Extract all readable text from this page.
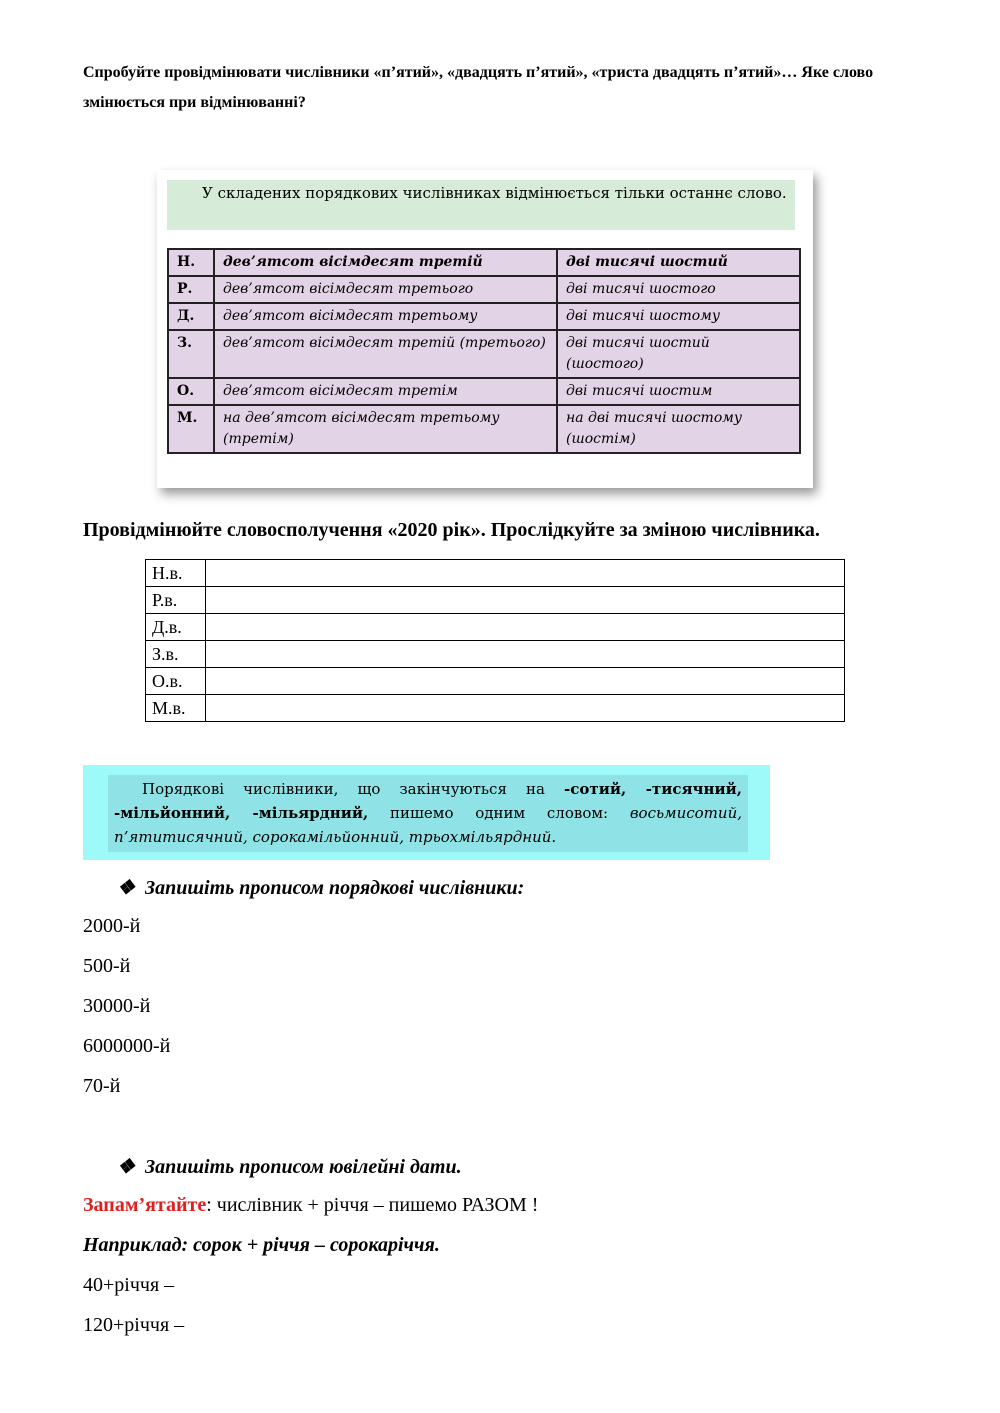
Спробуйте провідмінювати числівники «п’ятий», «двадцять п’ятий», «триста двадцять п’ятий»… Яке слово змінюється при відмінюванні?
У складених порядкових числівниках відмінюється тільки останнє слово.
Н.	дев’ятсот вісімдесят третій	дві тисячі шостий
Р.	дев’ятсот вісімдесят третього	дві тисячі шостого
Д.	дев’ятсот вісімдесят третьому	дві тисячі шостому
З.	дев’ятсот вісімдесят третій (третього)	дві тисячі шостий (шостого)
О.	дев’ятсот вісімдесят третім	дві тисячі шостим
М.	на дев’ятсот вісімдесят третьому (третім)	на дві тисячі шостому (шостім)
Провідмінюйте словосполучення «2020 рік». Прослідкуйте за зміною числівника.
Н.в.	
Р.в.	
Д.в.	
З.в.	
О.в.	
М.в.	
Порядкові числівники, що закінчуються на -сотий, -тисячний, -мільйонний, -мільярдний, пишемо одним словом: восьмисотий, п’ятитисячний, сорокамільйонний, трьохмільярдний.
❖ Запишіть прописом порядкові числівники:
2000-й
500-й
30000-й
6000000-й
70-й
❖ Запишіть прописом ювілейні дати.
Запам’ятайте: числівник + річчя – пишемо РАЗОМ !
Наприклад: сорок + річчя – сорокаріччя.
40+річчя –
120+річчя –
